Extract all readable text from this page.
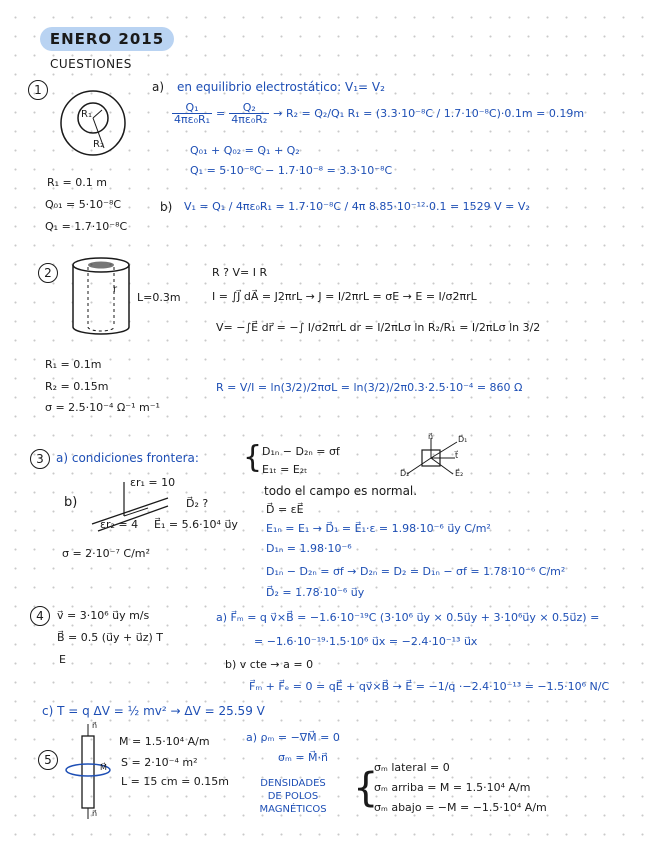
ENERO 2015
CUESTIONES
1
R₁
R₂
a) en equilibrio electrostático: V₁= V₂
$\frac{\text{Q₁}}{\text{4πε₀R₁}} = \frac{\text{Q₂}}{\text{4πε₀R₂}} \to R_2 = Q_2/Q_1$ R₁ = (3.3·10⁻⁸C / 1.7·10⁻⁸C)·0.1m = 0.19m
Q₀₁ + Q₀₂ = Q₁ + Q₂
Q₁ = 5·10⁻⁸C − 1.7·10⁻⁸ = 3.3·10⁻⁸C
R₁ = 0.1 m
Q₀₁ = 5·10⁻⁸C
Q₁ = 1.7·10⁻⁸C
b) V₁ = Q₁ / 4πε₀R₁ = 1.7·10⁻⁸C / 4π 8.85·10⁻¹²·0.1 = 1529 V = V₂
2
r
L=0.3m
R ? V= I R
I = ∫J⃗ dA⃗ = J2πrL → J = I/2πrL = σE → E = I/σ2πrL
V= −∫E⃗ dr⃗ = −∫ I/σ2πrL dr = I/2πLσ ln R₂/R₁ = I/2πLσ ln 3/2
R = V/I = ln(3/2)/2πσL = ln(3/2)/2π0.3·2.5·10⁻⁴ = 860 Ω
R₁ = 0.1m
R₂ = 0.15m
σ = 2.5·10⁻⁴ Ω⁻¹ m⁻¹
3	a) condiciones frontera: { D₁ₙ − D₂ₙ = σf
E₁ₜ = E₂ₜ
n⃗
t⃗
D⃗₁
D⃗₂	E⃗₂
b)
εr₁ = 10
D⃗₂ ?
εr₂ = 4 E⃗₁ = 5.6·10⁴ u⃗y
σ = 2·10⁻⁷ C/m²
todo el campo es normal.
D⃗ = εE⃗
E₁ₙ = E₁ → D⃗₁ = E⃗₁·ε = 1.98·10⁻⁶ u⃗y C/m²
D₁ₙ = 1.98·10⁻⁶
D₁ₙ − D₂ₙ = σf → D₂ₙ = D₂ = D₁ₙ − σf = 1.78·10⁻⁶ C/m²
D⃗₂ = 1.78·10⁻⁶ u⃗y
4	v⃗ = 3·10⁶ u⃗y m/s
B⃗ = 0.5 (u⃗y + u⃗z) T
E
a) F⃗ₘ = q v⃗×B⃗ = −1.6·10⁻¹⁹C (3·10⁶ u⃗y × 0.5u⃗y + 3·10⁶u⃗y × 0.5u⃗z) =
= −1.6·10⁻¹⁹·1.5·10⁶ u⃗x = −2.4·10⁻¹³ u⃗x
b) v cte → a = 0
F⃗ₘ + F⃗ₑ = 0 = qE⃗ + qv⃗×B⃗ → E⃗ = −1/q ·−2.4·10⁻¹³ = −1.5·10⁶ N/C
c) T = q ΔV = ½ mv² → ΔV = 25.59 V
5
n⃗
n⃗
M⃗
M = 1.5·10⁴ A/m
S = 2·10⁻⁴ m²
L = 15 cm = 0.15m
a) ρₘ = −∇M⃗ = 0
σₘ = M⃗·n⃗
DENSIDADES
DE POLOS
MAGNÉTICOS {
σₘ lateral = 0
σₘ arriba = M = 1.5·10⁴ A/m
σₘ abajo = −M = −1.5·10⁴ A/m
